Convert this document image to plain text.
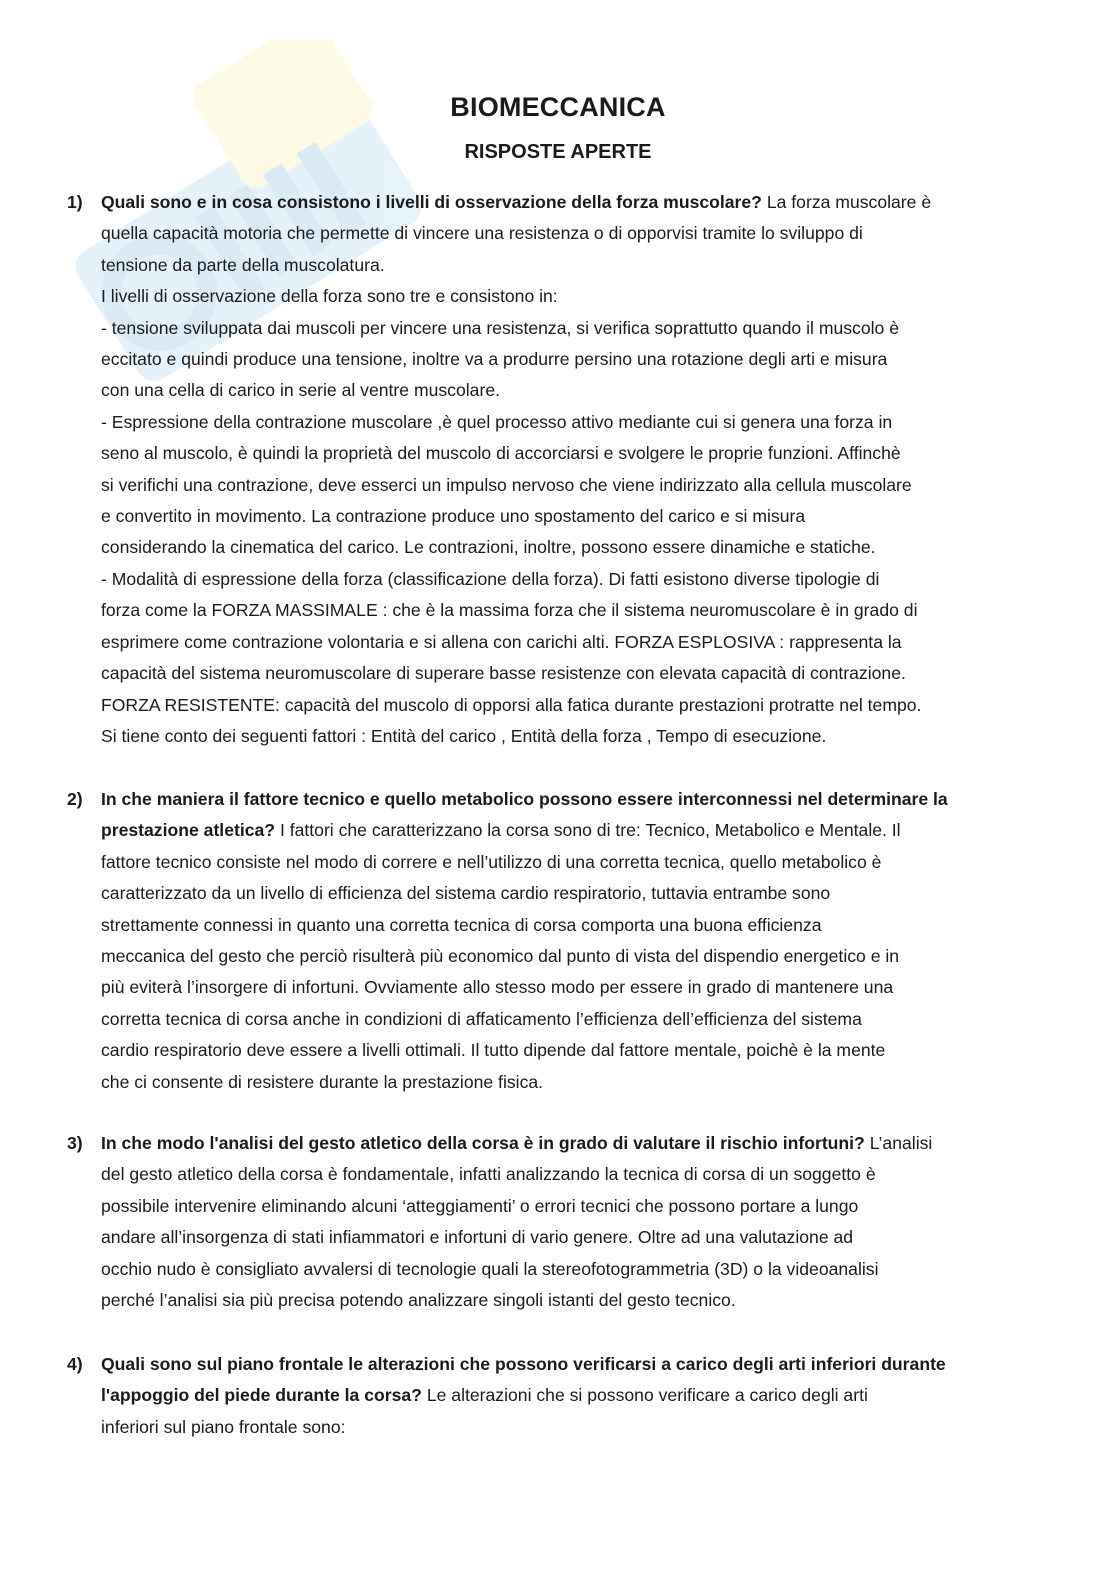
BIOMECCANICA
RISPOSTE APERTE
1) Quali sono e in cosa consistono i livelli di osservazione della forza muscolare? La forza muscolare è
quella capacità motoria che permette di vincere una resistenza o di opporvisi tramite lo sviluppo di
tensione da parte della muscolatura.
I livelli di osservazione della forza sono tre e consistono in:
- tensione sviluppata dai muscoli per vincere una resistenza, si verifica soprattutto quando il muscolo è
eccitato e quindi produce una tensione, inoltre va a produrre persino una rotazione degli arti e misura
con una cella di carico in serie al ventre muscolare.
- Espressione della contrazione muscolare ,è quel processo attivo mediante cui si genera una forza in
seno al muscolo, è quindi la proprietà del muscolo di accorciarsi e svolgere le proprie funzioni. Affinchè
si verifichi una contrazione, deve esserci un impulso nervoso che viene indirizzato alla cellula muscolare
e convertito in movimento. La contrazione produce uno spostamento del carico e si misura
considerando la cinematica del carico. Le contrazioni, inoltre, possono essere dinamiche e statiche.
- Modalità di espressione della forza (classificazione della forza). Di fatti esistono diverse tipologie di
forza come la FORZA MASSIMALE : che è la massima forza che il sistema neuromuscolare è in grado di
esprimere come contrazione volontaria e si allena con carichi alti. FORZA ESPLOSIVA : rappresenta la
capacità del sistema neuromuscolare di superare basse resistenze con elevata capacità di contrazione.
FORZA RESISTENTE: capacità del muscolo di opporsi alla fatica durante prestazioni protratte nel tempo.
Si tiene conto dei seguenti fattori : Entità del carico , Entità della forza , Tempo di esecuzione.
2) In che maniera il fattore tecnico e quello metabolico possono essere interconnessi nel determinare la
prestazione atletica? I fattori che caratterizzano la corsa sono di tre: Tecnico, Metabolico e Mentale. Il
fattore tecnico consiste nel modo di correre e nell’utilizzo di una corretta tecnica, quello metabolico è
caratterizzato da un livello di efficienza del sistema cardio respiratorio, tuttavia entrambe sono
strettamente connessi in quanto una corretta tecnica di corsa comporta una buona efficienza
meccanica del gesto che perciò risulterà più economico dal punto di vista del dispendio energetico e in
più eviterà l’insorgere di infortuni. Ovviamente allo stesso modo per essere in grado di mantenere una
corretta tecnica di corsa anche in condizioni di affaticamento l’efficienza dell’efficienza del sistema
cardio respiratorio deve essere a livelli ottimali. Il tutto dipende dal fattore mentale, poichè è la mente
che ci consente di resistere durante la prestazione fisica.
3) In che modo l'analisi del gesto atletico della corsa è in grado di valutare il rischio infortuni? L’analisi
del gesto atletico della corsa è fondamentale, infatti analizzando la tecnica di corsa di un soggetto è
possibile intervenire eliminando alcuni ‘atteggiamenti’ o errori tecnici che possono portare a lungo
andare all’insorgenza di stati infiammatori e infortuni di vario genere. Oltre ad una valutazione ad
occhio nudo è consigliato avvalersi di tecnologie quali la stereofotogrammetria (3D) o la videoanalisi
perché l’analisi sia più precisa potendo analizzare singoli istanti del gesto tecnico.
4) Quali sono sul piano frontale le alterazioni che possono verificarsi a carico degli arti inferiori durante
l'appoggio del piede durante la corsa? Le alterazioni che si possono verificare a carico degli arti
inferiori sul piano frontale sono:
